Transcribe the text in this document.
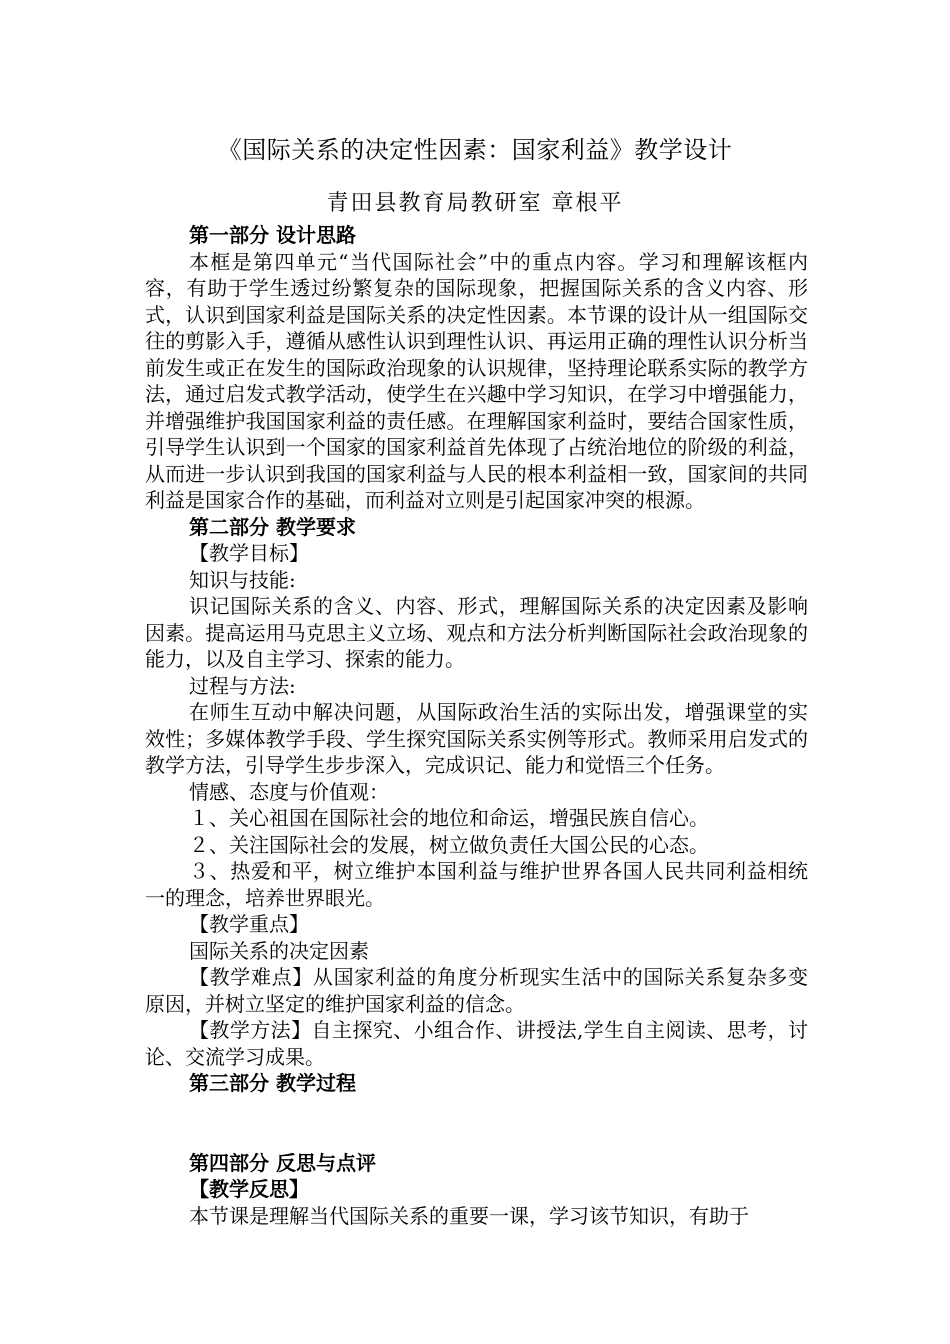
《国际关系的决定性因素：国家利益》教学设计
青田县教育局教研室 章根平

第一部分 设计思路

本框是第四单元“当代国际社会”中的重点内容。学习和理解该框内容，有助于学生透过纷繁复杂的国际现象，把握国际关系的含义内容、形式，认识到国家利益是国际关系的决定性因素。本节课的设计从一组国际交往的剪影入手，遵循从感性认识到理性认识、再运用正确的理性认识分析当前发生或正在发生的国际政治现象的认识规律，坚持理论联系实际的教学方法，通过启发式教学活动，使学生在兴趣中学习知识，在学习中增强能力，并增强维护我国国家利益的责任感。在理解国家利益时，要结合国家性质，引导学生认识到一个国家的国家利益首先体现了占统治地位的阶级的利益，从而进一步认识到我国的国家利益与人民的根本利益相一致，国家间的共同利益是国家合作的基础，而利益对立则是引起国家冲突的根源。

第二部分 教学要求

【教学目标】

知识与技能:

识记国际关系的含义、内容、形式，理解国际关系的决定因素及影响因素。提高运用马克思主义立场、观点和方法分析判断国际社会政治现象的能力，以及自主学习、探索的能力。

过程与方法:

在师生互动中解决问题，从国际政治生活的实际出发，增强课堂的实效性；多媒体教学手段、学生探究国际关系实例等形式。教师采用启发式的教学方法，引导学生步步深入，完成识记、能力和觉悟三个任务。

情感、态度与价值观：

１、关心祖国在国际社会的地位和命运，增强民族自信心。

２、关注国际社会的发展，树立做负责任大国公民的心态。

３、热爱和平，树立维护本国利益与维护世界各国人民共同利益相统一的理念，培养世界眼光。

【教学重点】

国际关系的决定因素

【教学难点】从国家利益的角度分析现实生活中的国际关系复杂多变原因，并树立坚定的维护国家利益的信念。

【教学方法】自主探究、小组合作、讲授法,学生自主阅读、思考，讨论、交流学习成果。

第三部分 教学过程

第四部分 反思与点评

【教学反思】

本节课是理解当代国际关系的重要一课，学习该节知识，有助于
